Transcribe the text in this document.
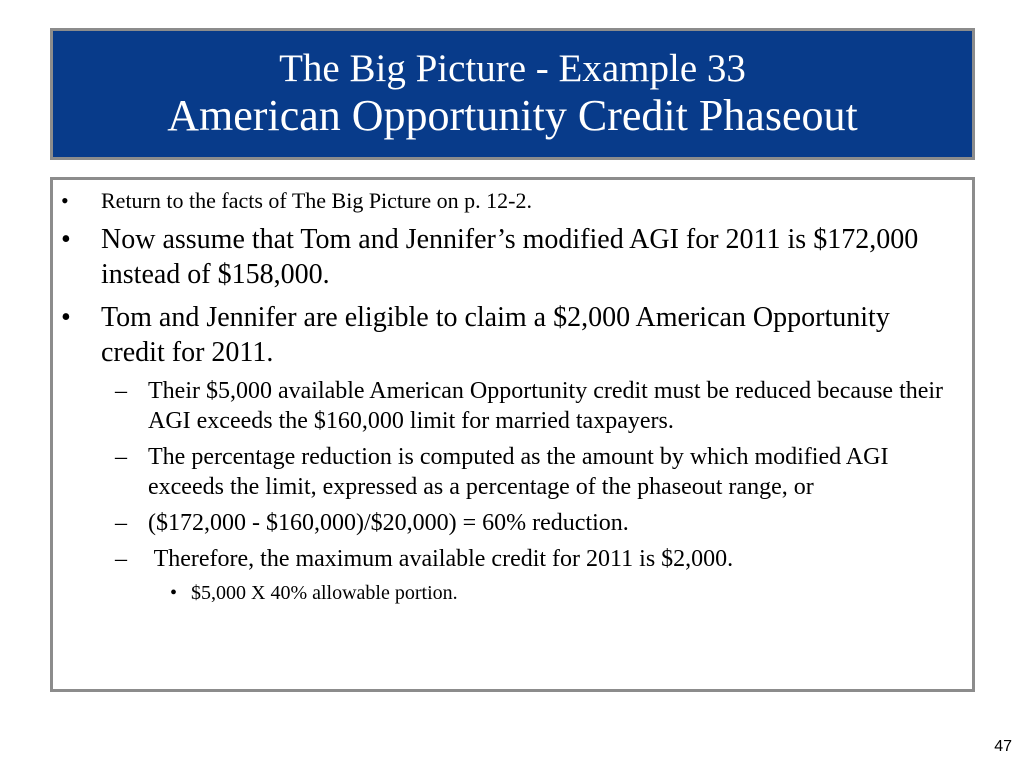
The Big Picture - Example 33
American Opportunity Credit Phaseout
• Return to the facts of The Big Picture on p. 12-2.
• Now assume that Tom and Jennifer’s modified AGI for 2011 is $172,000 instead of $158,000.
• Tom and Jennifer are eligible to claim a $2,000 American Opportunity credit for 2011.
– Their $5,000 available American Opportunity credit must be reduced because their AGI exceeds the $160,000 limit for married taxpayers.
– The percentage reduction is computed as the amount by which modified AGI exceeds the limit, expressed as a percentage of the phaseout range, or
– ($172,000 - $160,000)/$20,000) = 60% reduction.
– Therefore, the maximum available credit for 2011 is $2,000.
• $5,000 X 40% allowable portion.
47
